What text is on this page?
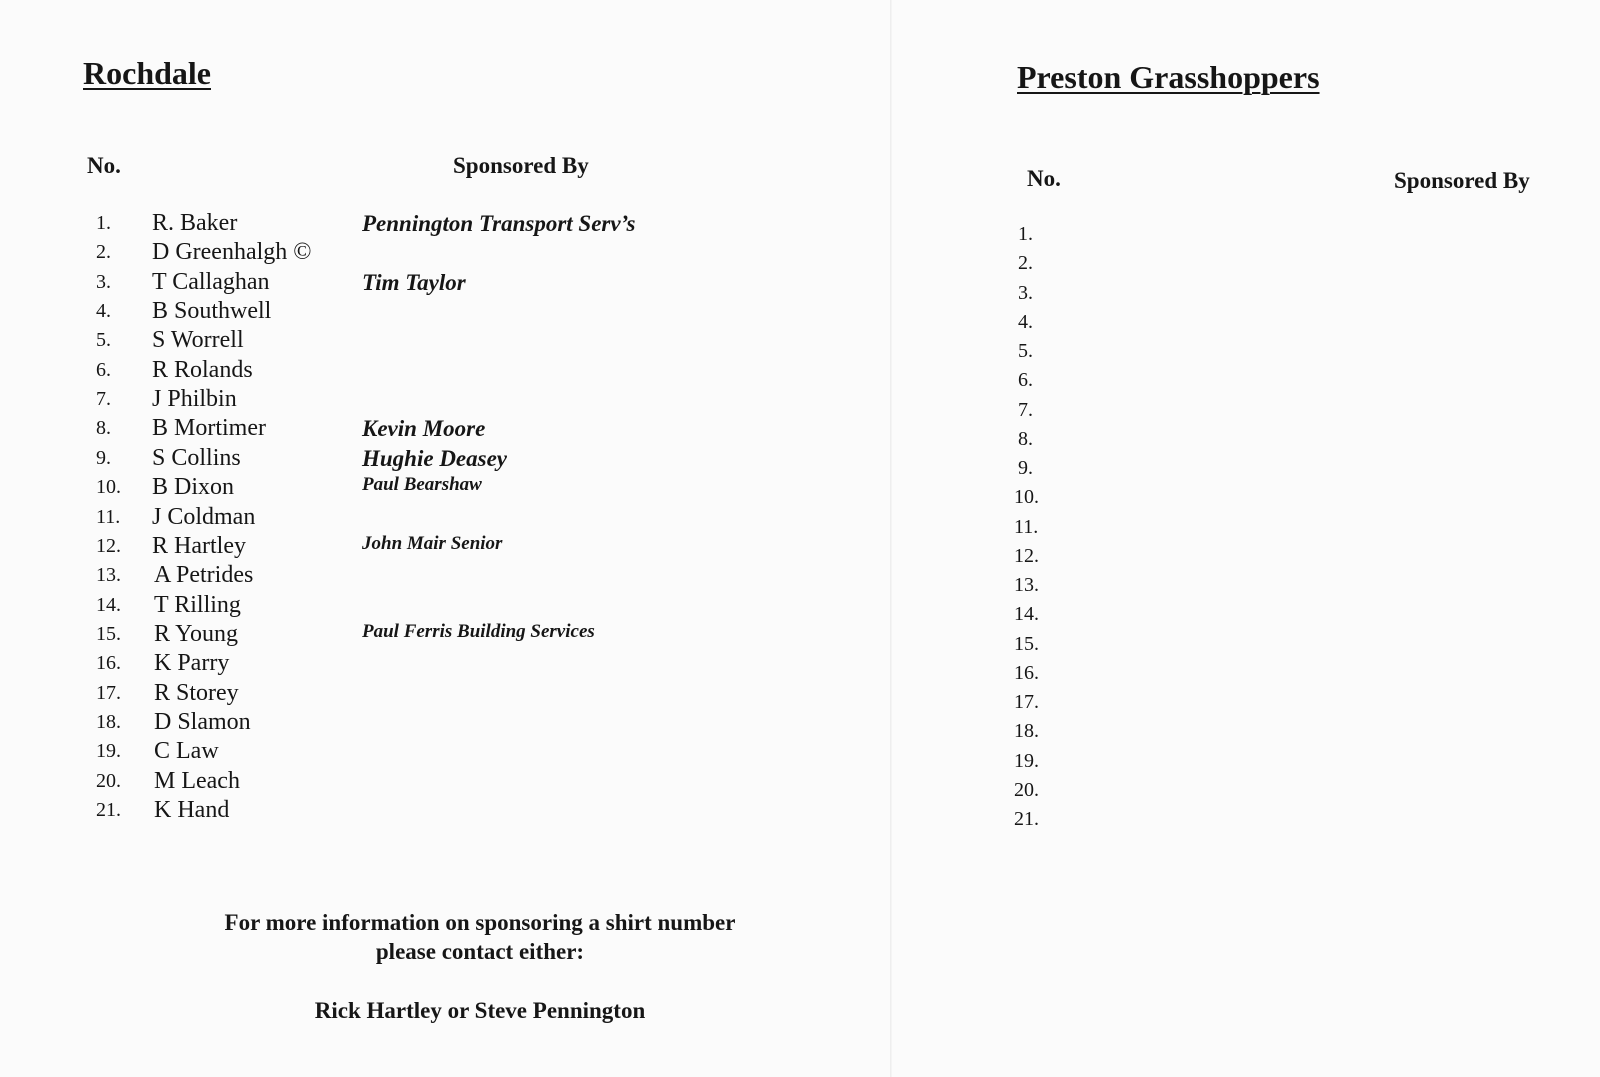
Rochdale
No.	Sponsored By
1. R. Baker	Pennington Transport Serv’s
2. D Greenhalgh ©
3. T Callaghan	Tim Taylor
4. B Southwell
5. S Worrell
6. R Rolands
7. J Philbin
8. B Mortimer	Kevin Moore
9. S Collins	Hughie Deasey
10. B Dixon	Paul Bearshaw
11. J Coldman
12. R Hartley	John Mair Senior
13. A Petrides
14. T Rilling
15. R Young	Paul Ferris Building Services
16. K Parry
17. R Storey
18. D Slamon
19. C Law
20. M Leach
21. K Hand
For more information on sponsoring a shirt number
please contact either:
Rick Hartley or Steve Pennington
Preston Grasshoppers
No.	Sponsored By
1.
2.
3.
4.
5.
6.
7.
8.
9.
10.
11.
12.
13.
14.
15.
16.
17.
18.
19.
20.
21.
